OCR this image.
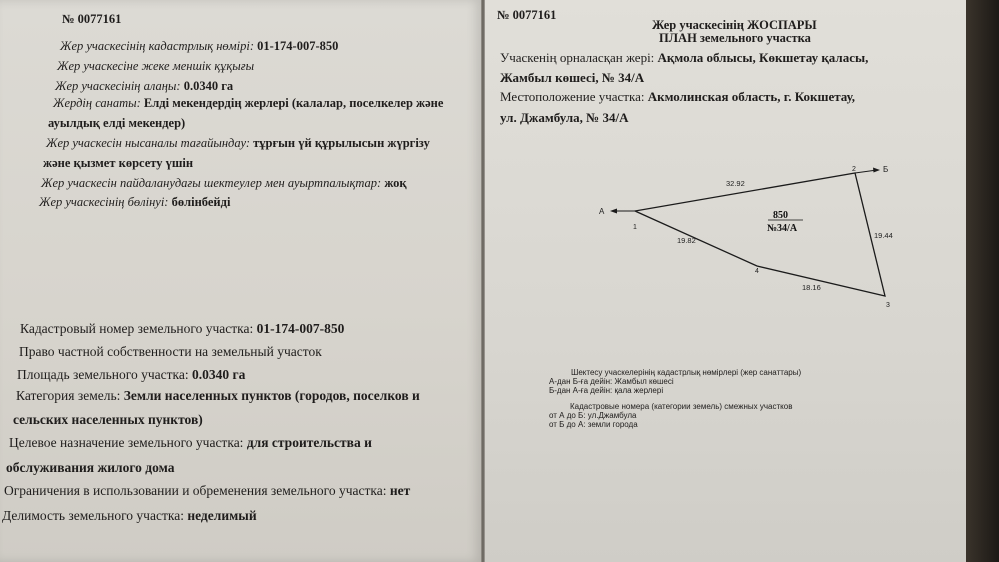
№ 0077161
Жер учаскесiнiң кадастрлық нөмiрi: 01-174-007-850
Жер учаскесiне жеке меншiк құқығы
Жер учаскесiнiң алаңы: 0.0340 га
Жердiң санаты: Елдi мекендердiң жерлерi (калалар, поселкелер және
ауылдық елдi мекендер)
Жер учаскесiн нысаналы тағайындау: тұрғын үй құрылысын жүргiзу
және қызмет көрсету үшiн
Жер учаскесiн пайдаланудағы шектеулер мен ауыртпалықтар: жоқ
Жер учаскесiнiң бөлiнуi: бөлiнбейдi
Кадастровый номер земельного участка: 01-174-007-850
Право частной собственности на земельный участок
Площадь земельного участка: 0.0340 га
Категория земель: Земли населенных пунктов (городов, поселков и
сельских населенных пунктов)
Целевое назначение земельного участка: для строительства и
обслуживания жилого дома
Ограничения в использовании и обременения земельного участка: нет
Делимость земельного участка: неделимый
№ 0077161
Жер учаскесiнiң ЖОСПАРЫ
ПЛАН земельного участка
Учаскенiң орналасқан жерi: Ақмола облысы, Көкшетау қаласы,
Жамбыл көшесi, № 34/А
Местоположение участка: Акмолинская область, г. Кокшетау,
ул. Джамбула, № 34/А
А
Б
1
2
3
4
32.92
19.44
18.16
19.82
850
№34/А
Шектесу учаскелерiнiң кадастрлық нөмiрлерi (жер санаттары)
А-дан Б-ға дейiн: Жамбыл көшесi
Б-дан А-ға дейiн: қала жерлерi
Кадастровые номера (категории земель) смежных участков
от А до Б: ул.Джамбула
от Б до А: земли города
